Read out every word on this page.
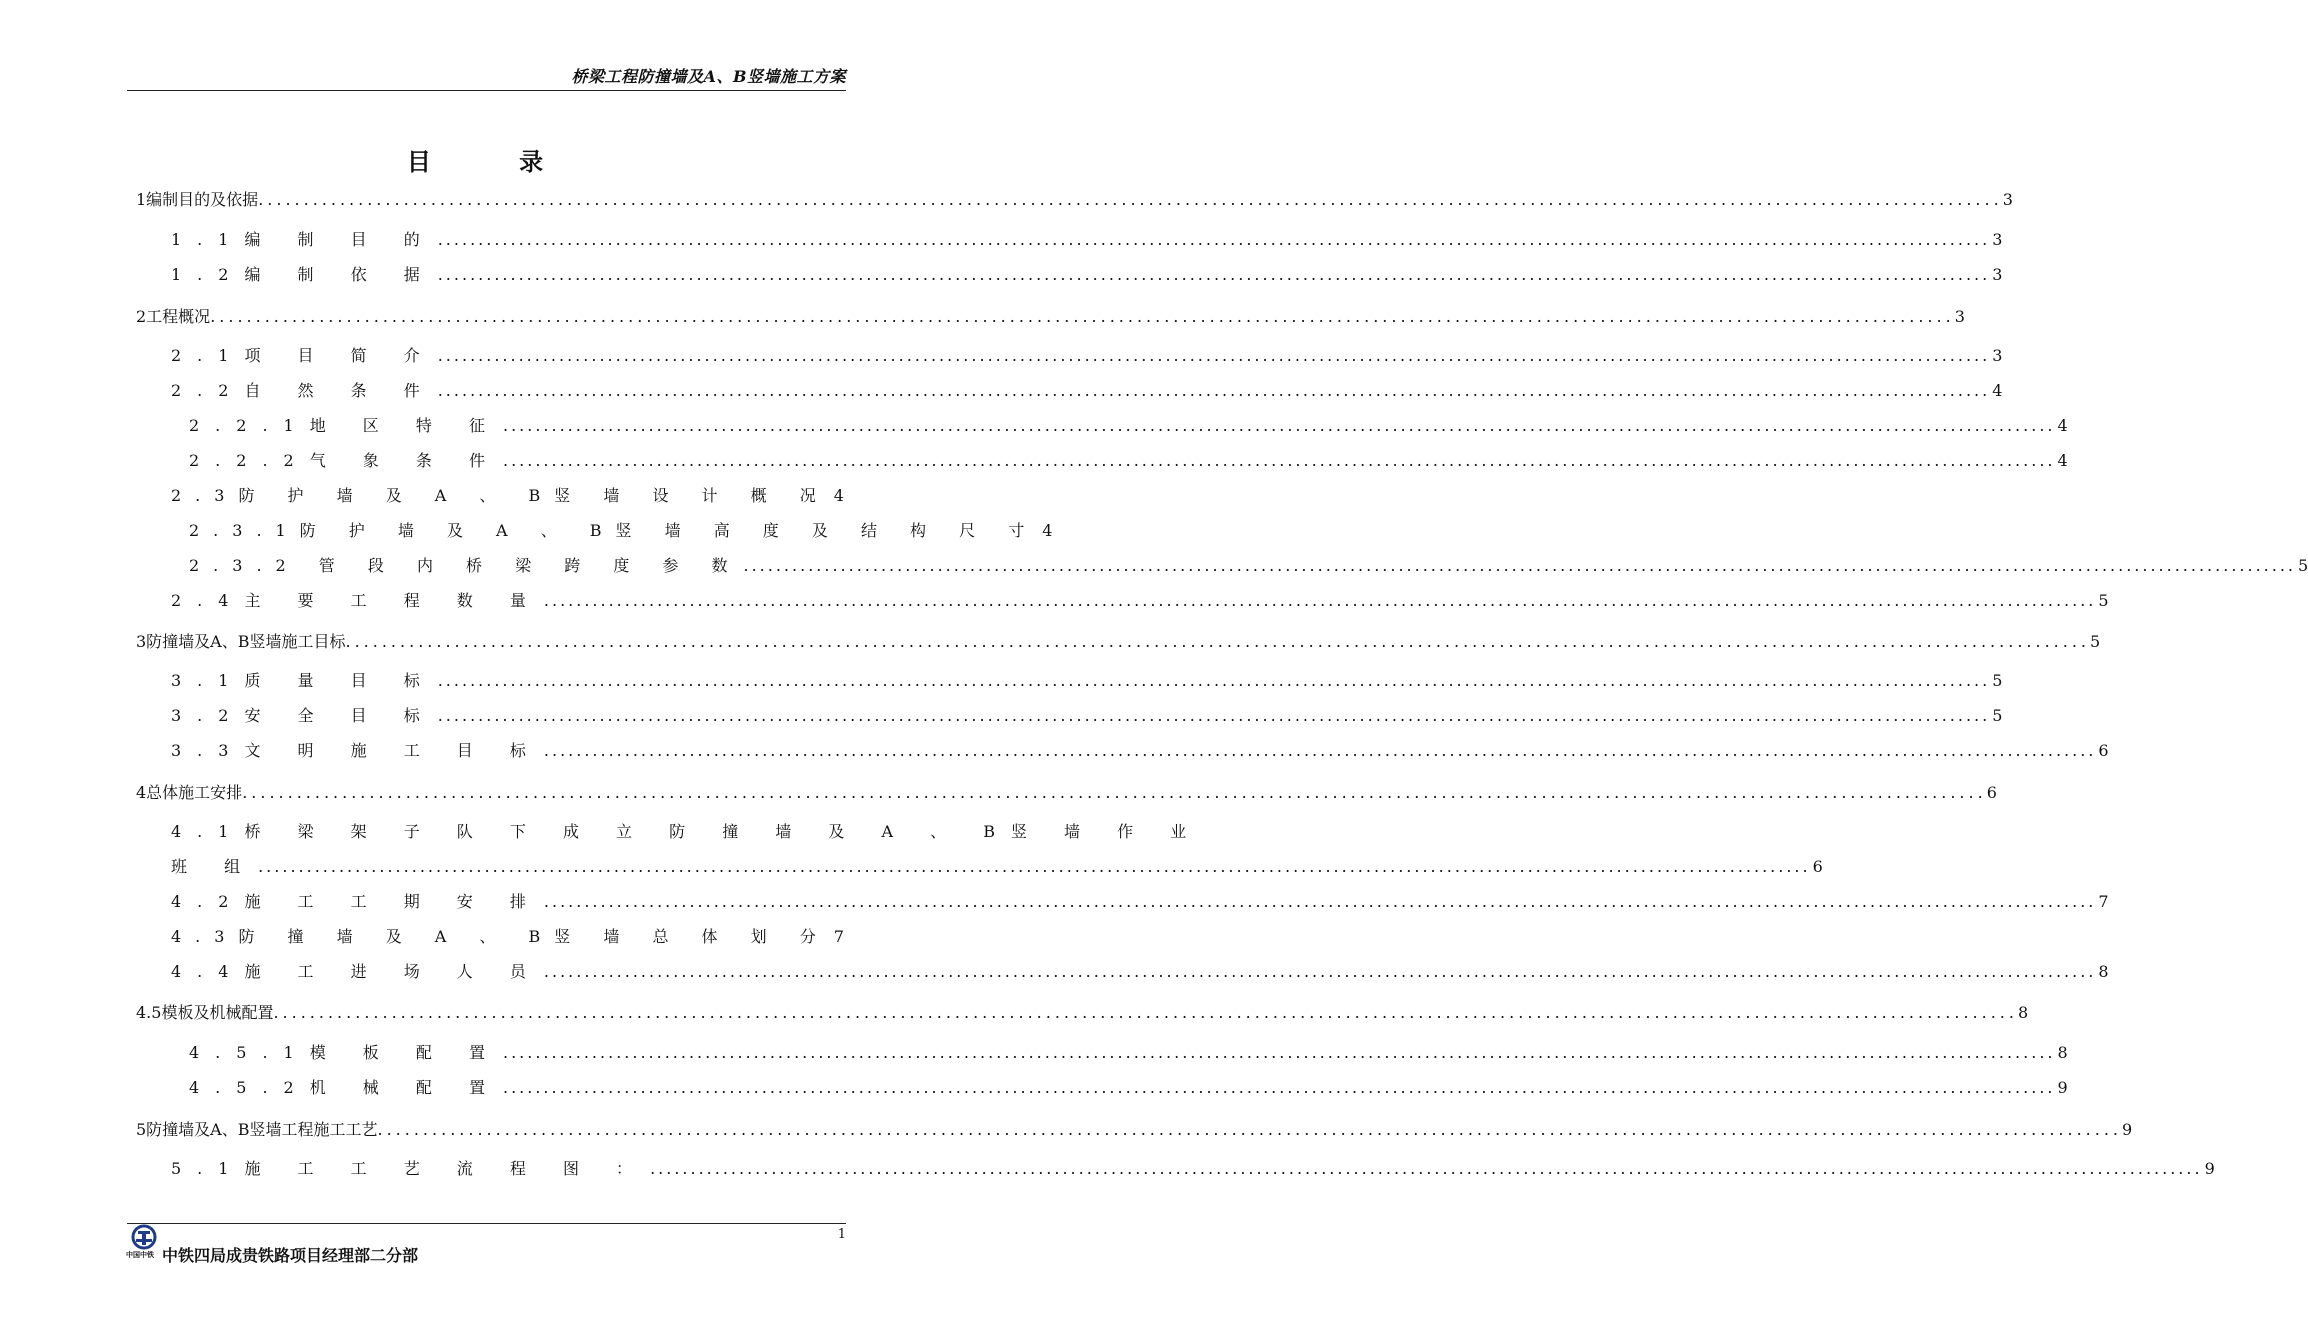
桥梁工程防撞墙及A、B竖墙施工方案
目 录
1编制目的及依据 .....	3
1.1编 制 目 的 .....	3
1.2编 制 依 据 .....	3
2工程概况 .....	3
2.1项 目 简 介 .....	3
2.2自 然 条 件 .....	4
2.2.1地 区 特 征 .....	4
2.2.2气 象 条 件 .....	4
2.3防 护 墙 及 A 、 B竖 墙 设 计 概 况 4
2.3.1防 护 墙 及 A 、 B竖 墙 高 度 及 结 构 尺 寸 4
2.3.2 管 段 内 桥 梁 跨 度 参 数 .....	5
2.4主 要 工 程 数 量 .....	5
3防撞墙及A、B竖墙施工目标 .....	5
3.1质 量 目 标 .....	5
3.2安 全 目 标 .....	5
3.3文 明 施 工 目 标 .....	6
4总体施工安排 .....	6
4.1桥 梁 架 子 队 下 成 立 防 撞 墙 及 A 、 B竖 墙 作 业
班 组 .....	6
4.2施 工 工 期 安 排 .....	7
4.3防 撞 墙 及 A 、 B竖 墙 总 体 划 分 7
4.4施 工 进 场 人 员 .....	8
4.5模板及机械配置 .....	8
4.5.1模 板 配 置 .....	8
4.5.2机 械 配 置 .....	9
5防撞墙及A、B竖墙工程施工工艺 .....	9
5.1施 工 工 艺 流 程 图 ： .....	9
1
中国中铁 中铁四局成贵铁路项目经理部二分部
